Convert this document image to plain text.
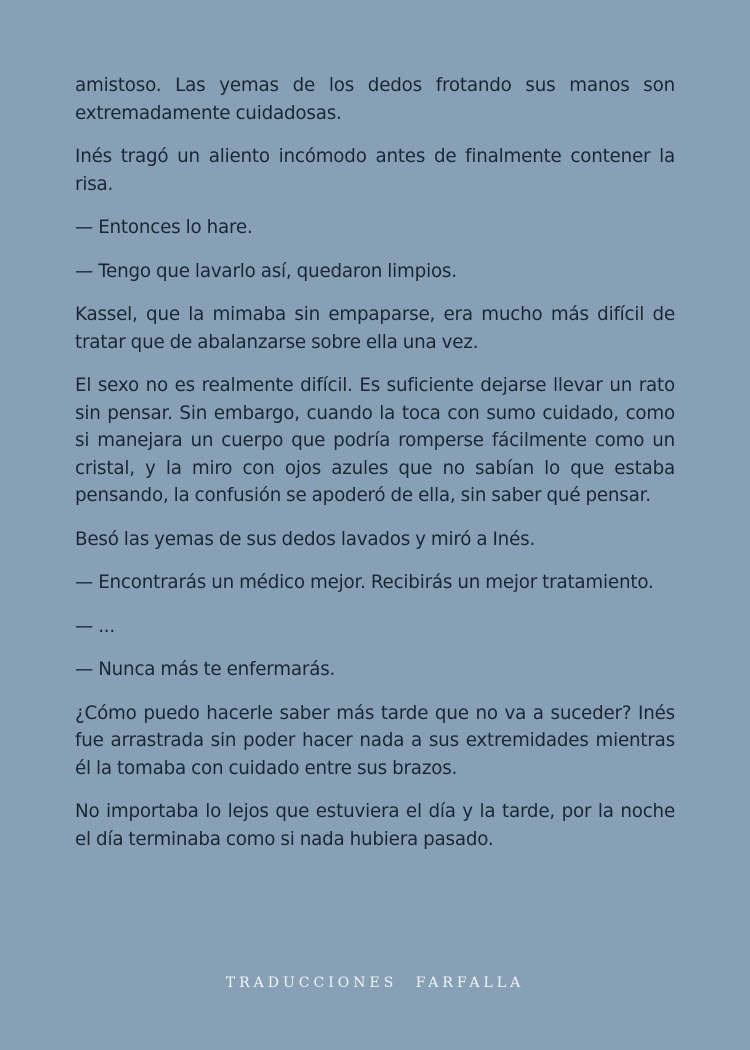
amistoso. Las yemas de los dedos frotando sus manos son extremadamente cuidadosas.

Inés tragó un aliento incómodo antes de finalmente contener la risa.

— Entonces lo hare.

— Tengo que lavarlo así, quedaron limpios.

Kassel, que la mimaba sin empaparse, era mucho más difícil de tratar que de abalanzarse sobre ella una vez.

El sexo no es realmente difícil. Es suficiente dejarse llevar un rato sin pensar. Sin embargo, cuando la toca con sumo cuidado, como si manejara un cuerpo que podría romperse fácilmente como un cristal, y la miro con ojos azules que no sabían lo que estaba pensando, la confusión se apoderó de ella, sin saber qué pensar.

Besó las yemas de sus dedos lavados y miró a Inés.

— Encontrarás un médico mejor. Recibirás un mejor tratamiento.

— ...

— Nunca más te enfermarás.

¿Cómo puedo hacerle saber más tarde que no va a suceder? Inés fue arrastrada sin poder hacer nada a sus extremidades mientras él la tomaba con cuidado entre sus brazos.

No importaba lo lejos que estuviera el día y la tarde, por la noche el día terminaba como si nada hubiera pasado.

TRADUCCIONES FARFALLA
